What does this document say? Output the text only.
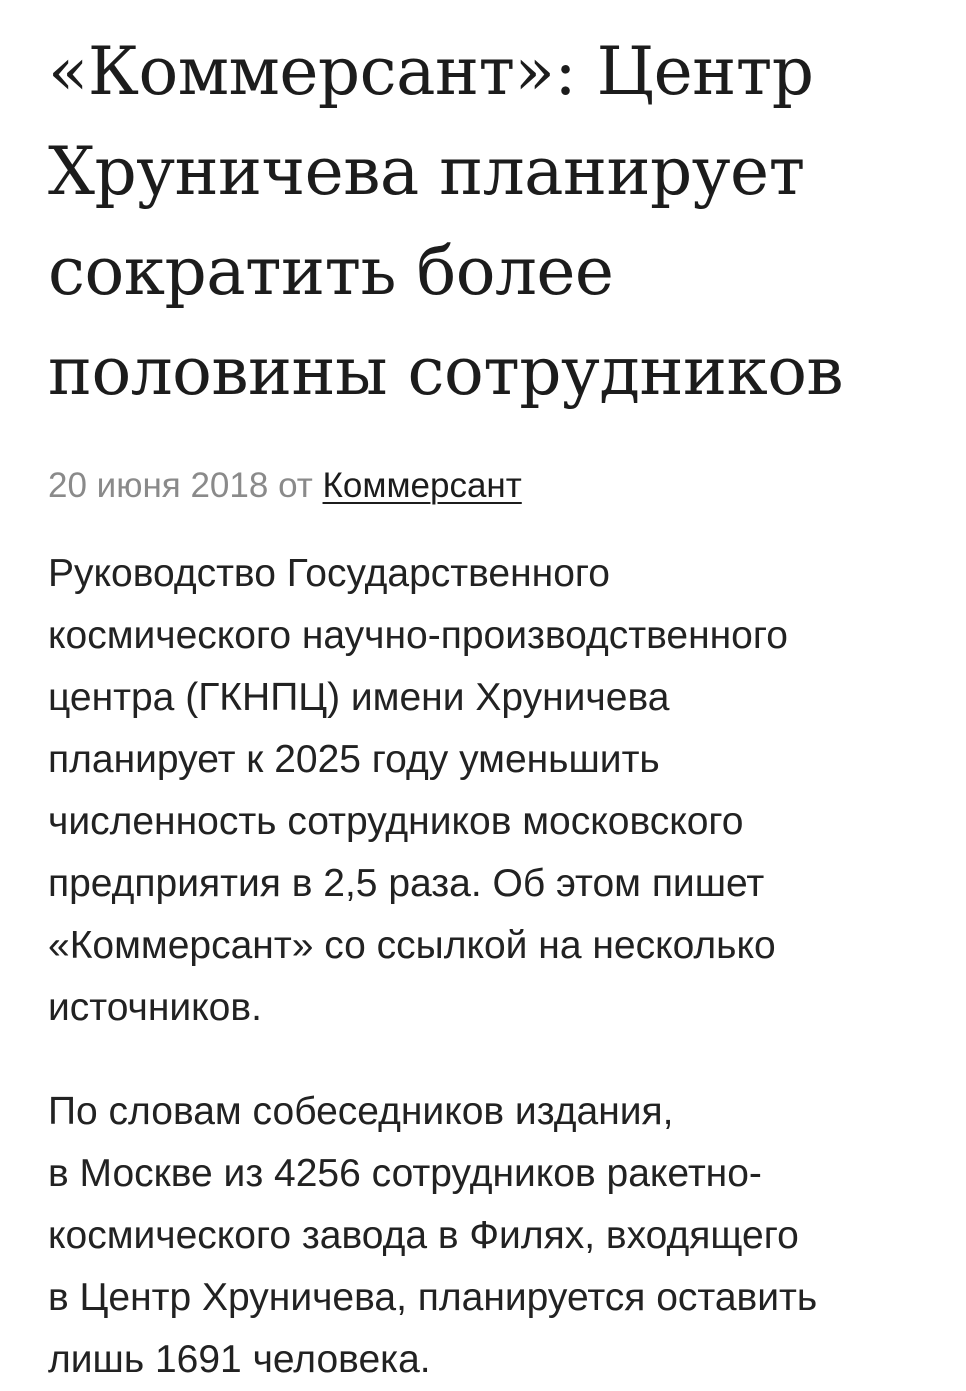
«Коммерсант»: Центр
Хруничева планирует
сократить более
половины сотрудников
20 июня 2018 от Коммерсант

Руководство Государственного
космического научно-производственного
центра (ГКНПЦ) имени Хруничева
планирует к 2025 году уменьшить
численность сотрудников московского
предприятия в 2,5 раза. Об этом пишет
«Коммерсант» со ссылкой на несколько
источников.

По словам собеседников издания,
в Москве из 4256 сотрудников ракетно-
космического завода в Филях, входящего
в Центр Хруничева, планируется оставить
лишь 1691 человека.
